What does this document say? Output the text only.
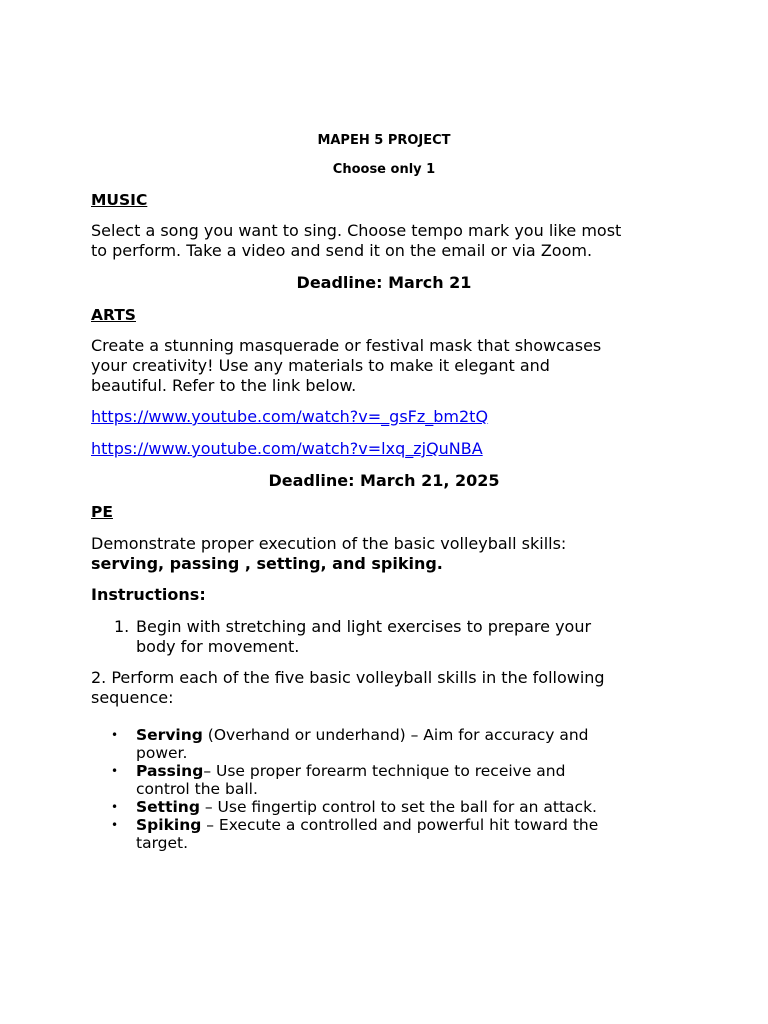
MAPEH 5 PROJECT

Choose only 1

MUSIC

Select a song you want to sing. Choose tempo mark you like most

to perform. Take a video and send it on the email or via Zoom.

Deadline: March 21

ARTS

Create a stunning masquerade or festival mask that showcases

your creativity! Use any materials to make it elegant and

beautiful. Refer to the link below.

https://www.youtube.com/watch?v=_gsFz_bm2tQ
https://www.youtube.com/watch?v=lxq_zjQuNBA

Deadline: March 21, 2025

PE

Demonstrate proper execution of the basic volleyball skills:

serving, passing , setting, and spiking.

Instructions:

1. Begin with stretching and light exercises to prepare your

body for movement.

2. Perform each of the five basic volleyball skills in the following

sequence:

• Serving (Overhand or underhand) – Aim for accuracy and
power.
• Passing– Use proper forearm technique to receive and
control the ball.
• Setting – Use fingertip control to set the ball for an attack.
• Spiking – Execute a controlled and powerful hit toward the
target.
